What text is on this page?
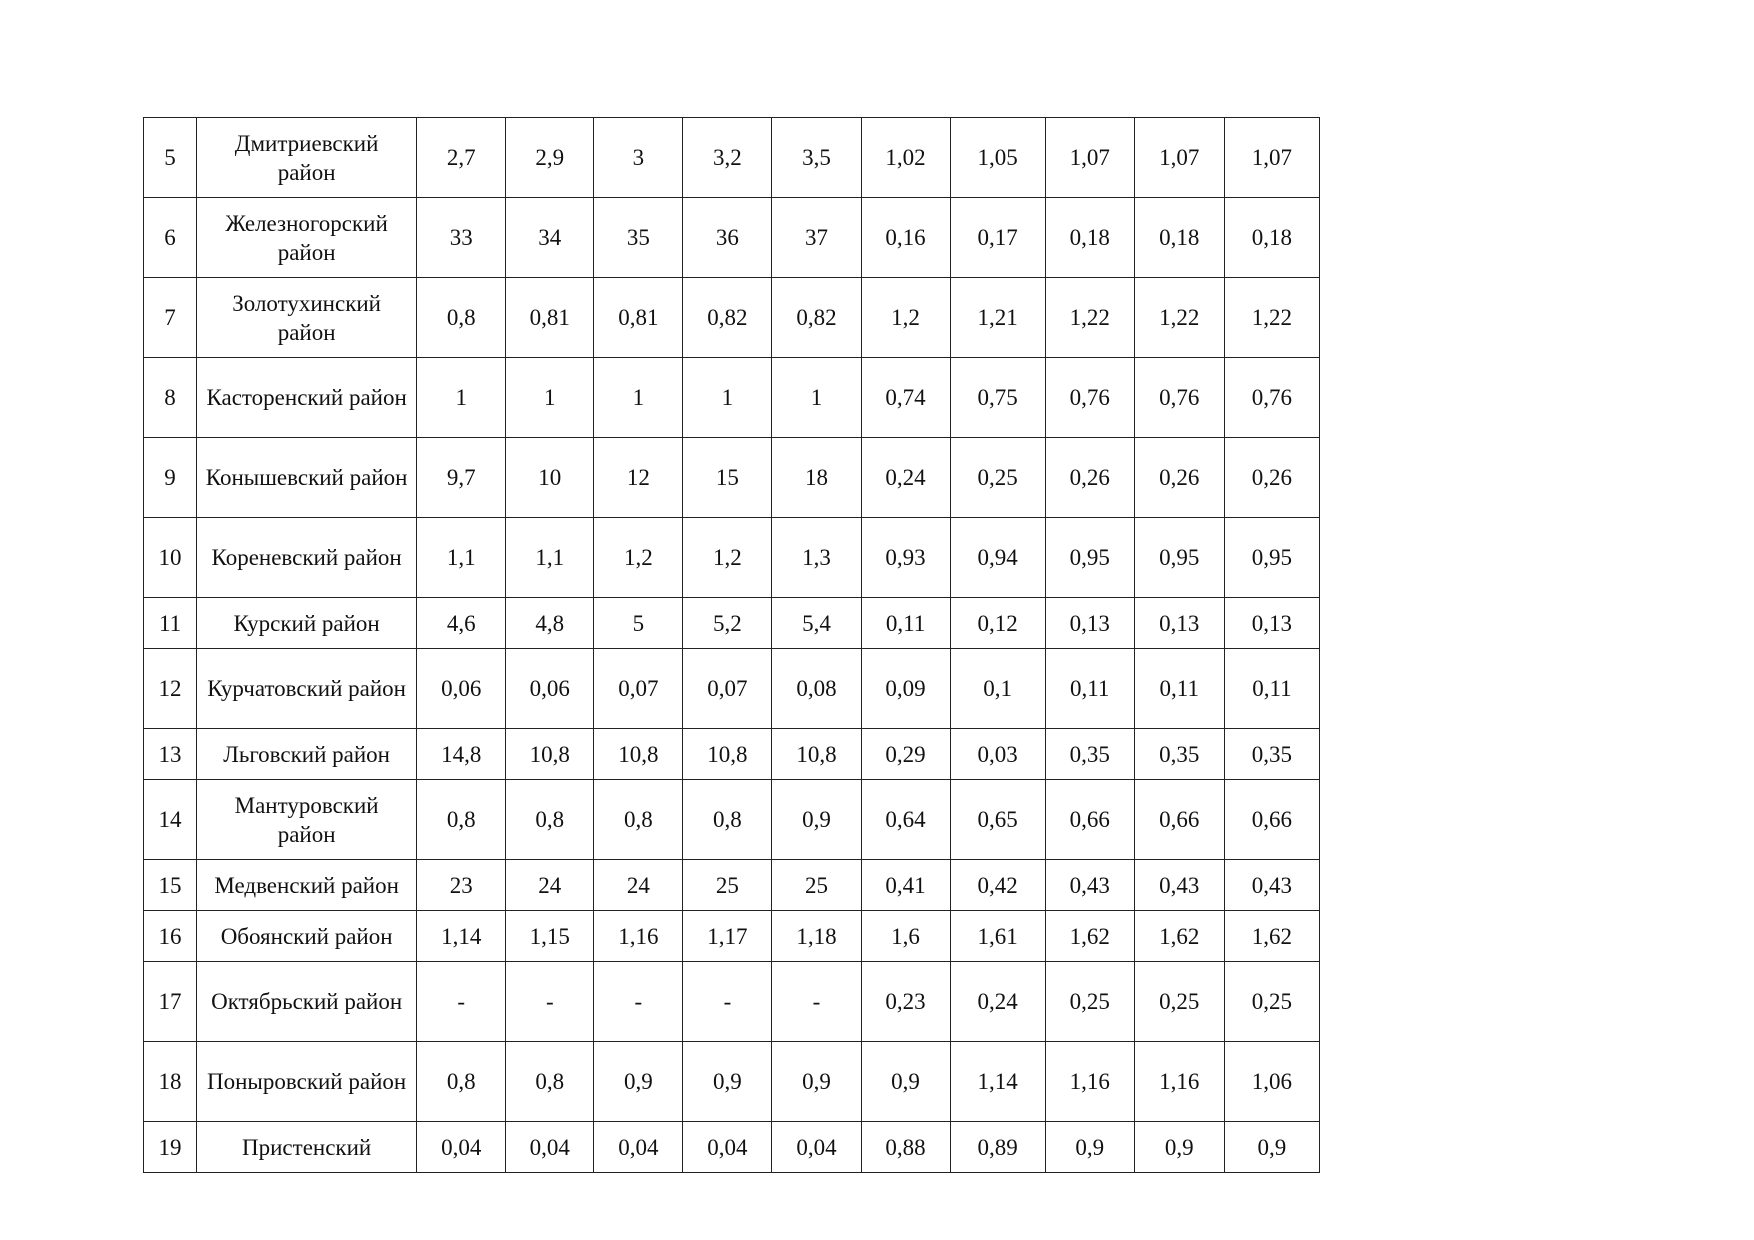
5	Дмитриевский район	2,7	2,9	3	3,2	3,5	1,02	1,05	1,07	1,07	1,07
6	Железногорский район	33	34	35	36	37	0,16	0,17	0,18	0,18	0,18
7	Золотухинский район	0,8	0,81	0,81	0,82	0,82	1,2	1,21	1,22	1,22	1,22
8	Касторенский район	1	1	1	1	1	0,74	0,75	0,76	0,76	0,76
9	Конышевский район	9,7	10	12	15	18	0,24	0,25	0,26	0,26	0,26
10	Кореневский район	1,1	1,1	1,2	1,2	1,3	0,93	0,94	0,95	0,95	0,95
11	Курский район	4,6	4,8	5	5,2	5,4	0,11	0,12	0,13	0,13	0,13
12	Курчатовский район	0,06	0,06	0,07	0,07	0,08	0,09	0,1	0,11	0,11	0,11
13	Льговский район	14,8	10,8	10,8	10,8	10,8	0,29	0,03	0,35	0,35	0,35
14	Мантуровский район	0,8	0,8	0,8	0,8	0,9	0,64	0,65	0,66	0,66	0,66
15	Медвенский район	23	24	24	25	25	0,41	0,42	0,43	0,43	0,43
16	Обоянский район	1,14	1,15	1,16	1,17	1,18	1,6	1,61	1,62	1,62	1,62
17	Октябрьский район	-	-	-	-	-	0,23	0,24	0,25	0,25	0,25
18	Поныровский район	0,8	0,8	0,9	0,9	0,9	0,9	1,14	1,16	1,16	1,06
19	Пристенский	0,04	0,04	0,04	0,04	0,04	0,88	0,89	0,9	0,9	0,9
